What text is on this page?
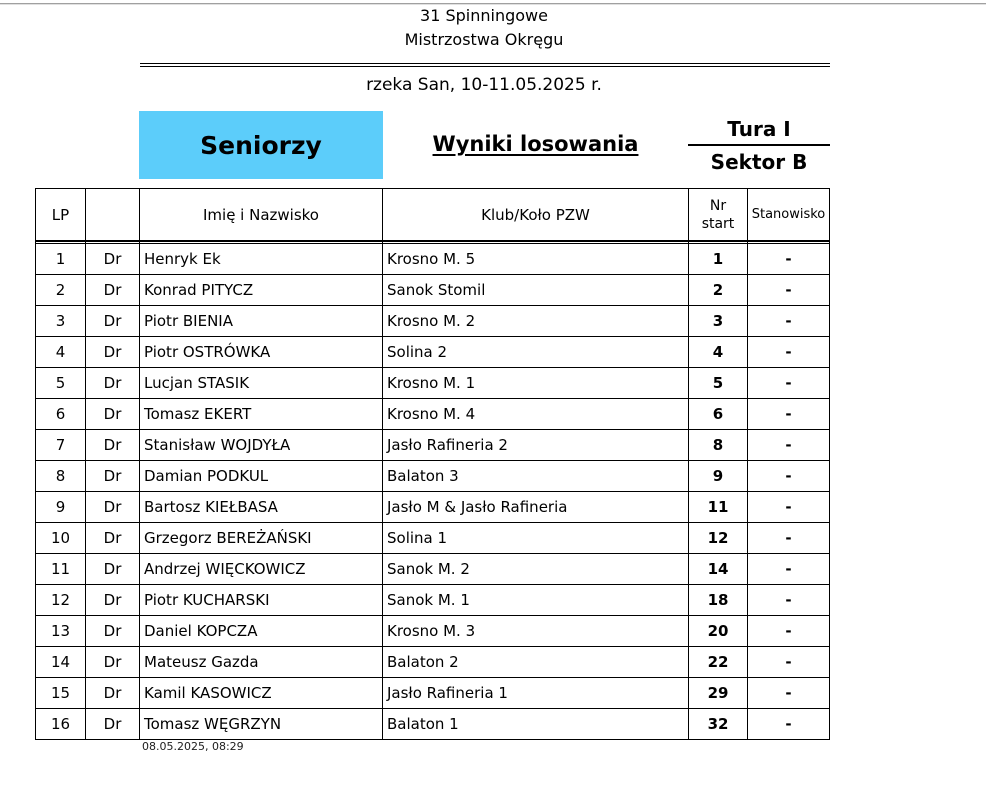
31 Spinningowe
Mistrzostwa Okręgu
rzeka San, 10-11.05.2025 r.
Seniorzy	Wyniki losowania
Tura I
Sektor B
LP		Imię i Nazwisko	Klub/Koło PZW	Nr
start	Stanowisko

1	Dr	Henryk Ek	Krosno M. 5	1	-
2	Dr	Konrad PITYCZ	Sanok Stomil	2	-
3	Dr	Piotr BIENIA	Krosno M. 2	3	-
4	Dr	Piotr OSTRÓWKA	Solina 2	4	-
5	Dr	Lucjan STASIK	Krosno M. 1	5	-
6	Dr	Tomasz EKERT	Krosno M. 4	6	-
7	Dr	Stanisław WOJDYŁA	Jasło Rafineria 2	8	-
8	Dr	Damian PODKUL	Balaton 3	9	-
9	Dr	Bartosz KIEŁBASA	Jasło M & Jasło Rafineria	11	-
10	Dr	Grzegorz BEREŻAŃSKI	Solina 1	12	-
11	Dr	Andrzej WIĘCKOWICZ	Sanok M. 2	14	-
12	Dr	Piotr KUCHARSKI	Sanok M. 1	18	-
13	Dr	Daniel KOPCZA	Krosno M. 3	20	-
14	Dr	Mateusz Gazda	Balaton 2	22	-
15	Dr	Kamil KASOWICZ	Jasło Rafineria 1	29	-
16	Dr	Tomasz WĘGRZYN	Balaton 1	32	-
08.05.2025, 08:29
